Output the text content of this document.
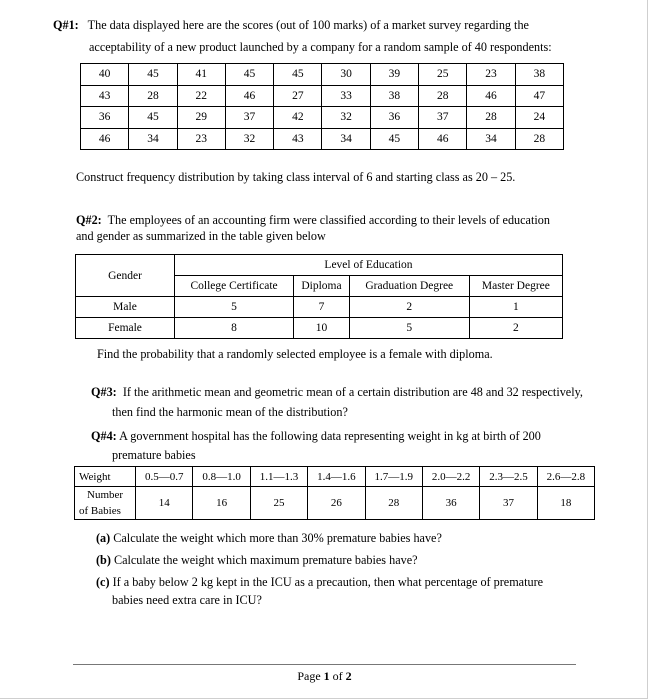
Q#1: The data displayed here are the scores (out of 100 marks) of a market survey regarding the
acceptability of a new product launched by a company for a random sample of 40 respondents:
40	45	41	45	45	30	39	25	23	38
43	28	22	46	27	33	38	28	46	47
36	45	29	37	42	32	36	37	28	24
46	34	23	32	43	34	45	46	34	28
Construct frequency distribution by taking class interval of 6 and starting class as 20 – 25.
Q#2: The employees of an accounting firm were classified according to their levels of education
and gender as summarized in the table given below
Gender	Level of Education			
	College Certificate	Diploma	Graduation Degree	Master Degree
Male	5	7	2	1
Female	8	10	5	2
Find the probability that a randomly selected employee is a female with diploma.
Q#3: If the arithmetic mean and geometric mean of a certain distribution are 48 and 32 respectively,
then find the harmonic mean of the distribution?
Q#4: A government hospital has the following data representing weight in kg at birth of 200
premature babies
Weight	0.5—0.7	0.8—1.0	1.1—1.3	1.4—1.6	1.7—1.9	2.0—2.2	2.3—2.5	2.6—2.8

Number
of Babies	14	16	25	26	28	36	37	18
(a) Calculate the weight which more than 30% premature babies have?
(b) Calculate the weight which maximum premature babies have?
(c) If a baby below 2 kg kept in the ICU as a precaution, then what percentage of premature
babies need extra care in ICU?
Page 1 of 2
